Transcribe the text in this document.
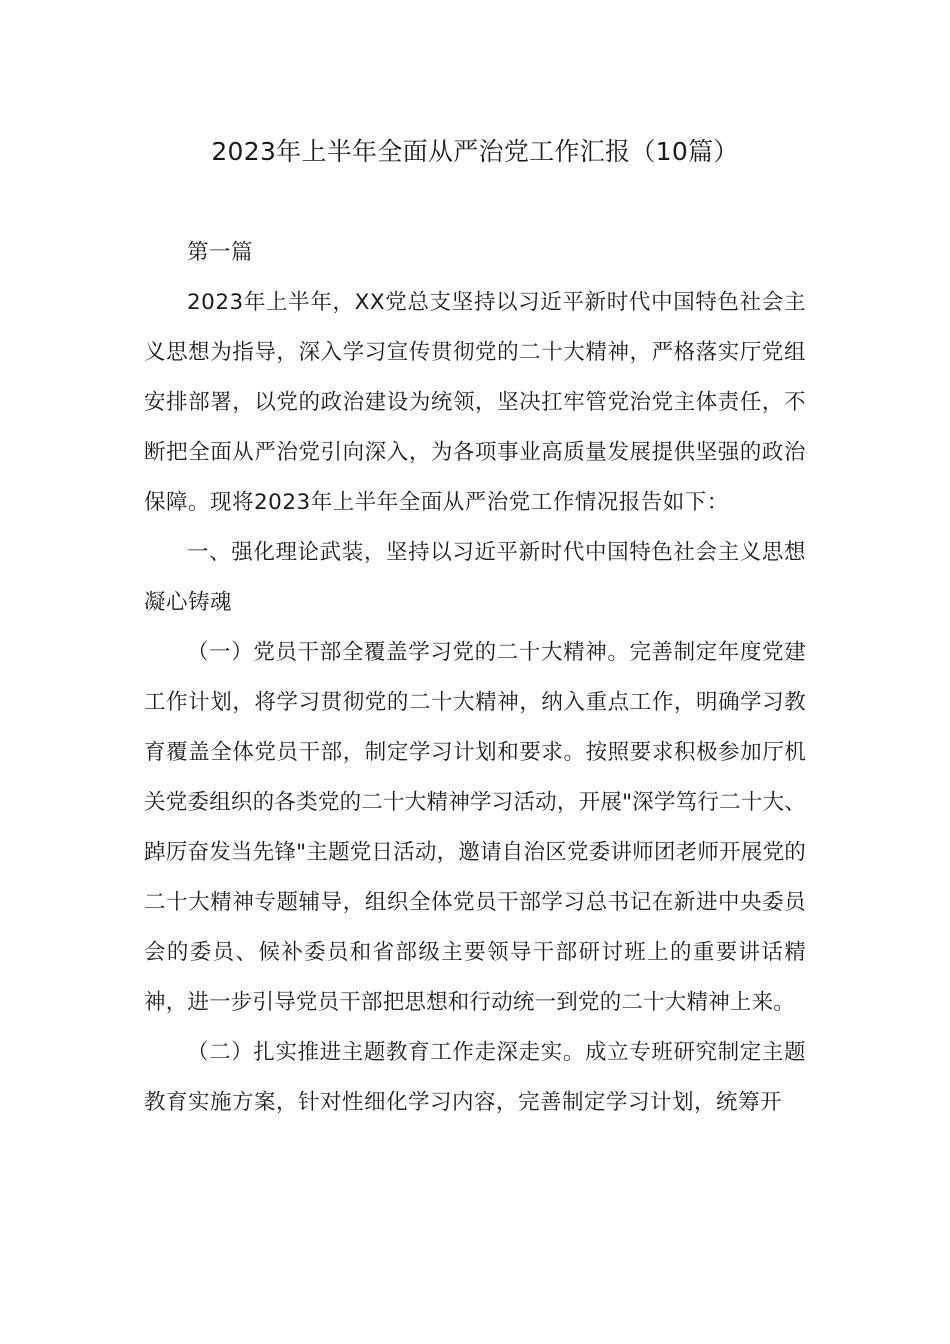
2023年上半年全面从严治党工作汇报（10篇）

第一篇

2023年上半年，XX党总支坚持以习近平新时代中国特色社会主义思想为指导，深入学习宣传贯彻党的二十大精神，严格落实厅党组安排部署，以党的政治建设为统领，坚决扛牢管党治党主体责任，不断把全面从严治党引向深入，为各项事业高质量发展提供坚强的政治保障。现将2023年上半年全面从严治党工作情况报告如下：

一、强化理论武装，坚持以习近平新时代中国特色社会主义思想凝心铸魂

（一）党员干部全覆盖学习党的二十大精神。完善制定年度党建工作计划，将学习贯彻党的二十大精神，纳入重点工作，明确学习教育覆盖全体党员干部，制定学习计划和要求。按照要求积极参加厅机关党委组织的各类党的二十大精神学习活动，开展"深学笃行二十大、踔厉奋发当先锋"主题党日活动，邀请自治区党委讲师团老师开展党的二十大精神专题辅导，组织全体党员干部学习总书记在新进中央委员会的委员、候补委员和省部级主要领导干部研讨班上的重要讲话精神，进一步引导党员干部把思想和行动统一到党的二十大精神上来。

（二）扎实推进主题教育工作走深走实。成立专班研究制定主题教育实施方案，针对性细化学习内容，完善制定学习计划，统筹开
